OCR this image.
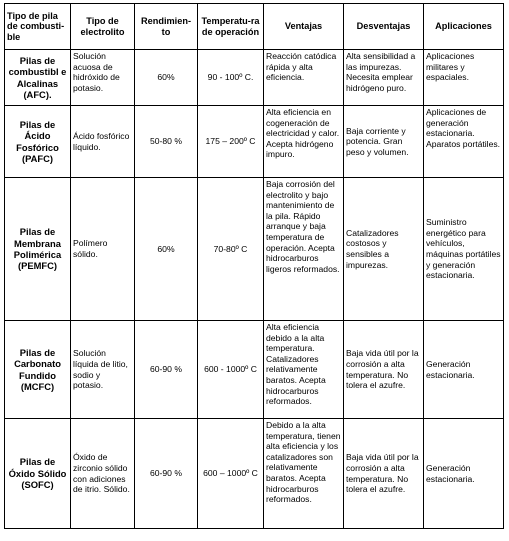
Tipo de pila de combusti-ble	Tipo de electrolito	Rendimien-to	Temperatu-ra de operación	Ventajas	Desventajas	Aplicaciones
Pilas de combustibl e Alcalinas (AFC).	Solución acuosa de hidróxido de potasio.	60%	90 - 100º C.	Reacción catódica rápida y alta eficiencia.	Alta sensibilidad a las impurezas. Necesita emplear hidrógeno puro.	Aplicaciones militares y espaciales.
Pilas de Ácido Fosfórico (PAFC)	Ácido fosfórico líquido.	50-80 %	175 – 200º C	Alta eficiencia en cogeneración de electricidad y calor. Acepta hidrógeno impuro.	Baja corriente y potencia. Gran peso y volumen.	Aplicaciones de generación estacionaria. Aparatos portátiles.
Pilas de Membrana Polimérica (PEMFC)	Polímero sólido.	60%	70-80º C	Baja corrosión del electrolito y bajo mantenimiento de la pila. Rápido arranque y baja temperatura de operación. Acepta hidrocarburos ligeros reformados.	Catalizadores costosos y sensibles a impurezas.	Suministro energético para vehículos, máquinas portátiles y generación estacionaria.
Pilas de Carbonato Fundido (MCFC)	Solución líquida de litio, sodio y potasio.	60-90 %	600 - 1000º C	Alta eficiencia debido a la alta temperatura. Catalizadores relativamente baratos. Acepta hidrocarburos reformados.	Baja vida útil por la corrosión a alta temperatura. No tolera el azufre.	Generación estacionaria.
Pilas de Óxido Sólido (SOFC)	Óxido de zirconio sólido con adiciones de itrio. Sólido.	60-90 %	600 – 1000º C	Debido a la alta temperatura, tienen alta eficiencia y los catalizadores son relativamente baratos. Acepta hidrocarburos reformados.	Baja vida útil por la corrosión a alta temperatura. No tolera el azufre.	Generación estacionaria.
